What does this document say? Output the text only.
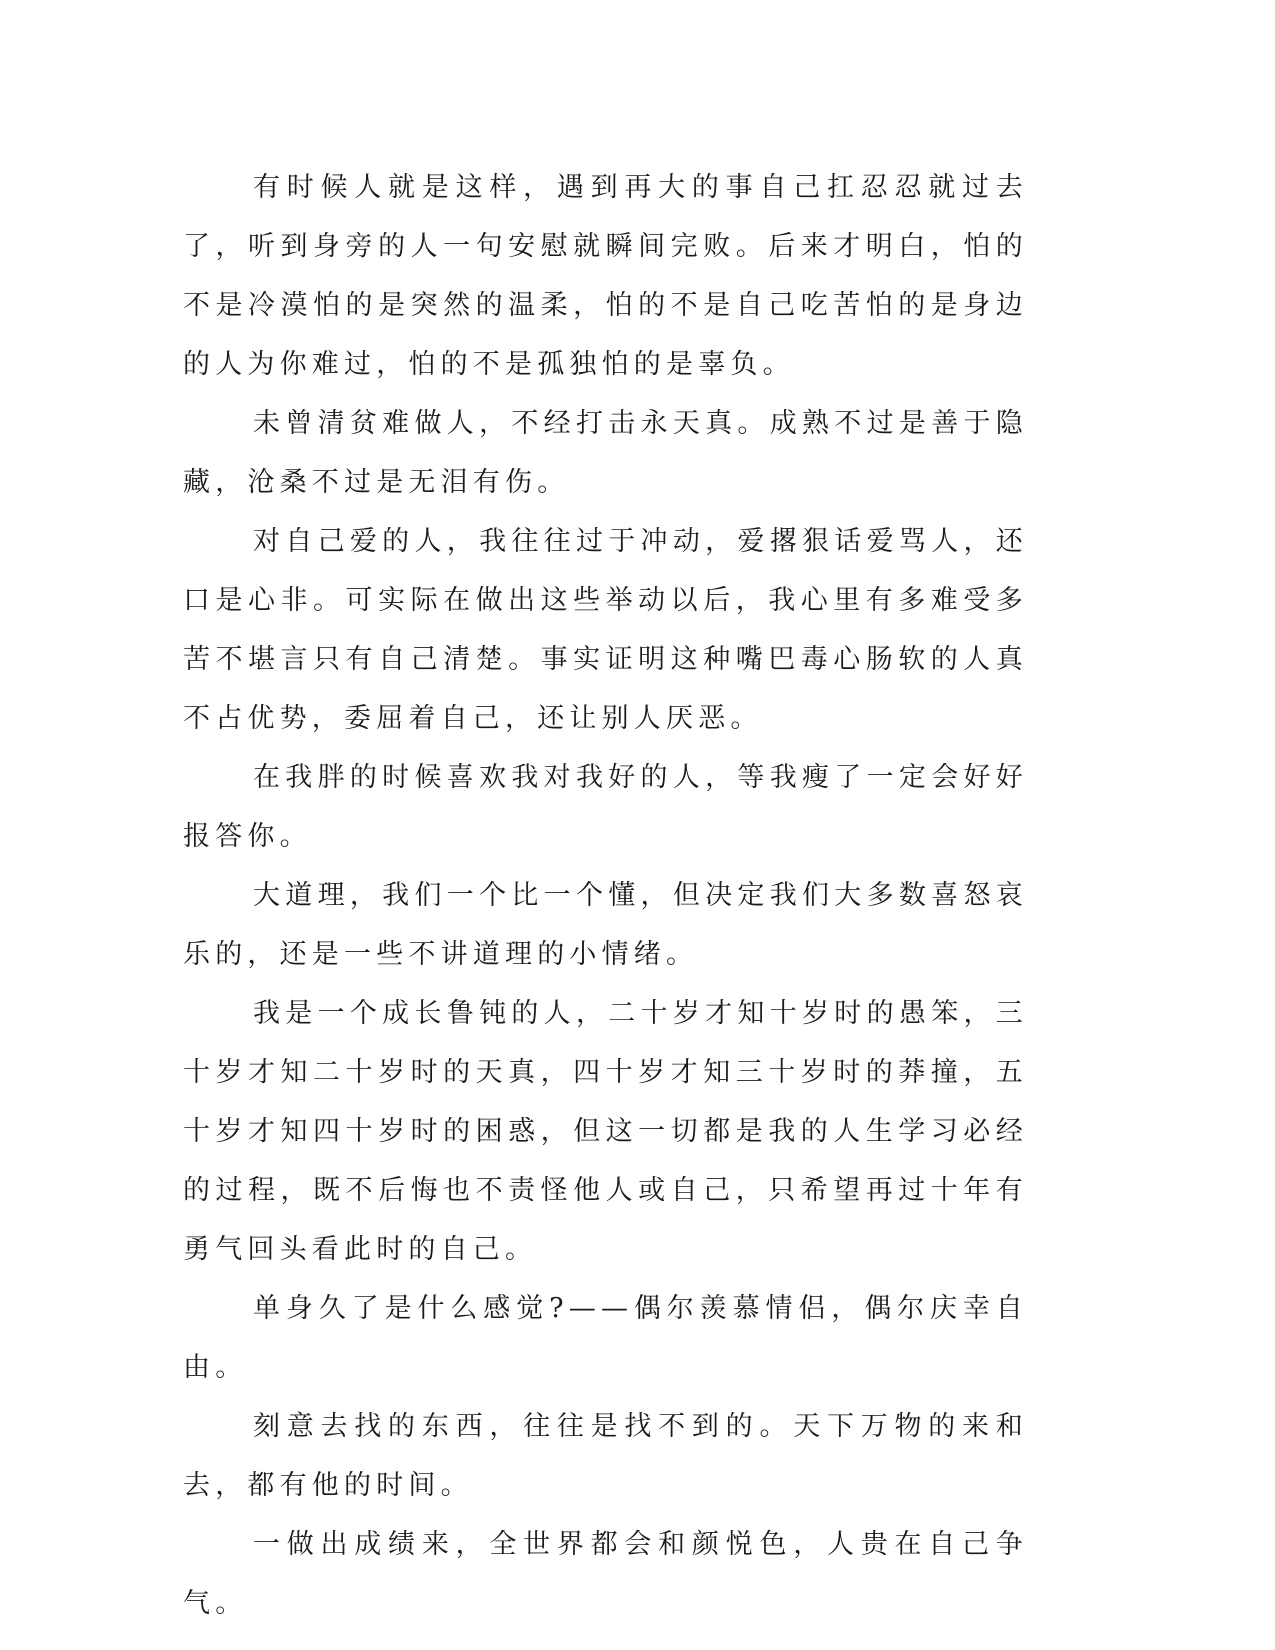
有时候人就是这样，遇到再大的事自己扛忍忍就过去了，听到身旁的人一句安慰就瞬间完败。后来才明白，怕的不是冷漠怕的是突然的温柔，怕的不是自己吃苦怕的是身边的人为你难过，怕的不是孤独怕的是辜负。

未曾清贫难做人，不经打击永天真。成熟不过是善于隐藏，沧桑不过是无泪有伤。

对自己爱的人，我往往过于冲动，爱撂狠话爱骂人，还口是心非。可实际在做出这些举动以后，我心里有多难受多苦不堪言只有自己清楚。事实证明这种嘴巴毒心肠软的人真不占优势，委屈着自己，还让别人厌恶。

在我胖的时候喜欢我对我好的人，等我瘦了一定会好好报答你。

大道理，我们一个比一个懂，但决定我们大多数喜怒哀乐的，还是一些不讲道理的小情绪。

我是一个成长鲁钝的人，二十岁才知十岁时的愚笨，三十岁才知二十岁时的天真，四十岁才知三十岁时的莽撞，五十岁才知四十岁时的困惑，但这一切都是我的人生学习必经的过程，既不后悔也不责怪他人或自己，只希望再过十年有勇气回头看此时的自己。

单身久了是什么感觉?——偶尔羡慕情侣，偶尔庆幸自由。

刻意去找的东西，往往是找不到的。天下万物的来和去，都有他的时间。

一做出成绩来，全世界都会和颜悦色，人贵在自己争气。
